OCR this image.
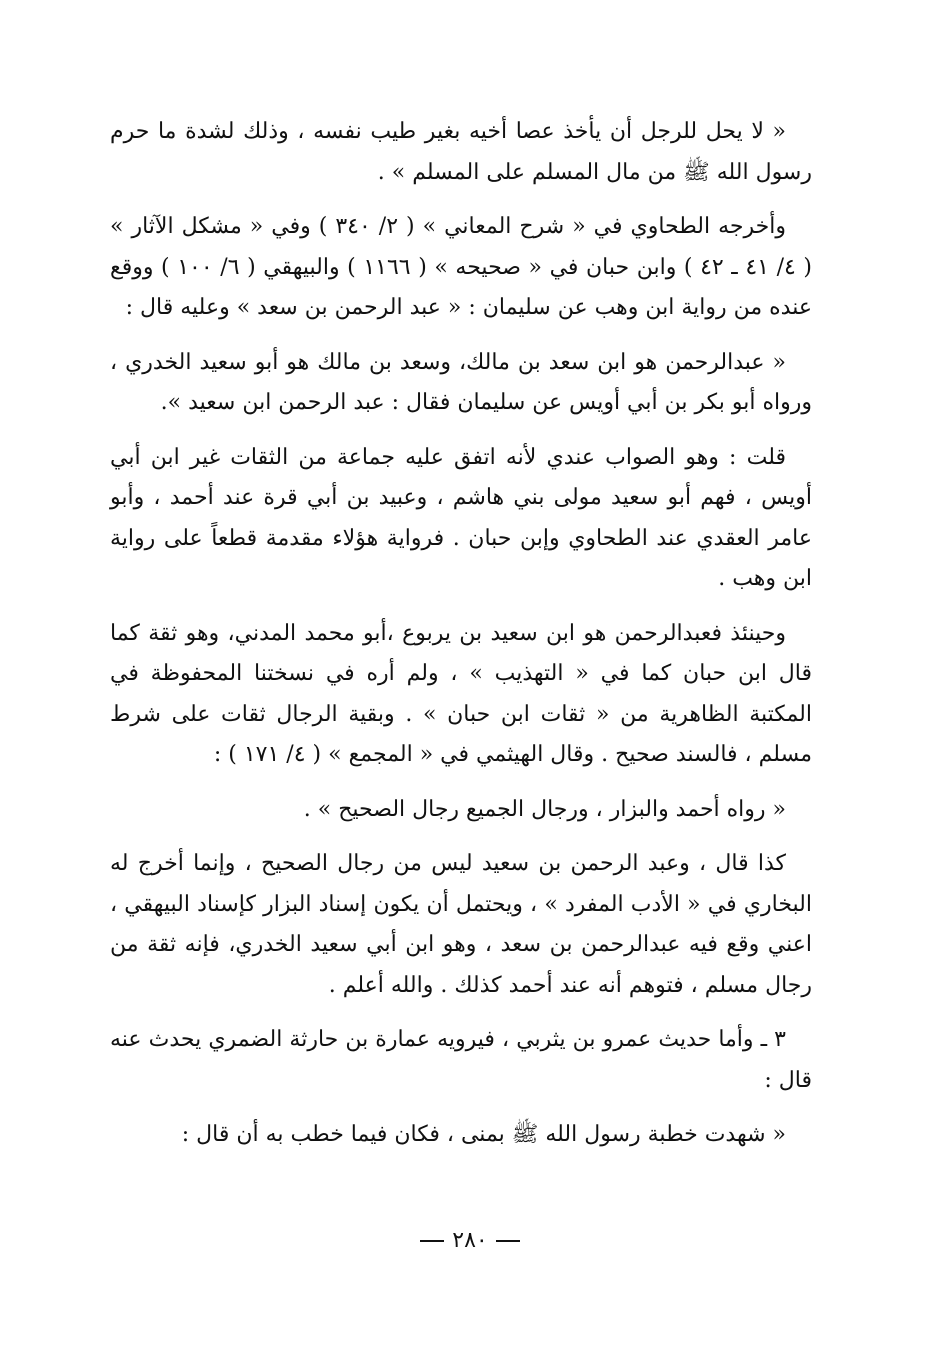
« لا يحل للرجل أن يأخذ عصا أخيه بغير طيب نفسه ، وذلك لشدة ما حرم رسول الله ﷺ من مال المسلم على المسلم » .

وأخرجه الطحاوي في « شرح المعاني » ( ٢/ ٣٤٠ ) وفي « مشكل الآثار » ( ٤/ ٤١ ـ ٤٢ ) وابن حبان في « صحيحه » ( ١١٦٦ ) والبيهقي ( ٦/ ١٠٠ ) ووقع عنده من رواية ابن وهب عن سليمان : « عبد الرحمن بن سعد » وعليه قال :

« عبدالرحمن هو ابن سعد بن مالك، وسعد بن مالك هو أبو سعيد الخدري ، ورواه أبو بكر بن أبي أويس عن سليمان فقال : عبد الرحمن ابن سعيد ».

قلت : وهو الصواب عندي لأنه اتفق عليه جماعة من الثقات غير ابن أبي أويس ، فهم أبو سعيد مولى بني هاشم ، وعبيد بن أبي قرة عند أحمد ، وأبو عامر العقدي عند الطحاوي وإبن حبان . فرواية هؤلاء مقدمة قطعاً على رواية ابن وهب .

وحينئذ فعبدالرحمن هو ابن سعيد بن يربوع ،أبو محمد المدني، وهو ثقة كما قال ابن حبان كما في « التهذيب » ، ولم أره في نسختنا المحفوظة في المكتبة الظاهرية من « ثقات ابن حبان » . وبقية الرجال ثقات على شرط مسلم ، فالسند صحيح . وقال الهيثمي في « المجمع » ( ٤/ ١٧١ ) :

« رواه أحمد والبزار ، ورجال الجميع رجال الصحيح » .

كذا قال ، وعبد الرحمن بن سعيد ليس من رجال الصحيح ، وإنما أخرج له البخاري في « الأدب المفرد » ، ويحتمل أن يكون إسناد البزار كإسناد البيهقي ، اعني وقع فيه عبدالرحمن بن سعد ، وهو ابن أبي سعيد الخدري، فإنه ثقة من رجال مسلم ، فتوهم أنه عند أحمد كذلك . والله أعلم .

٣ ـ وأما حديث عمرو بن يثربي ، فيرويه عمارة بن حارثة الضمري يحدث عنه قال :

« شهدت خطبة رسول الله ﷺ بمنى ، فكان فيما خطب به أن قال :

٢٨٠
